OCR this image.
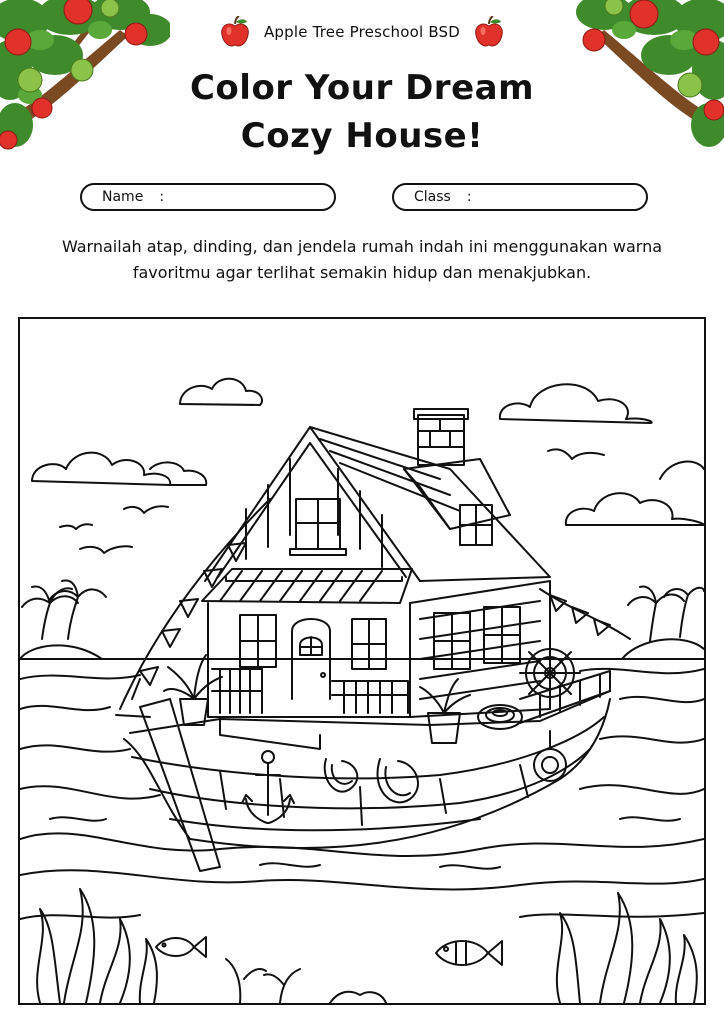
Apple Tree Preschool BSD
Color Your Dream
Cozy House!
Name :	Class :
Warnailah atap, dinding, dan jendela rumah indah ini menggunakan warna favoritmu agar terlihat semakin hidup dan menakjubkan.
